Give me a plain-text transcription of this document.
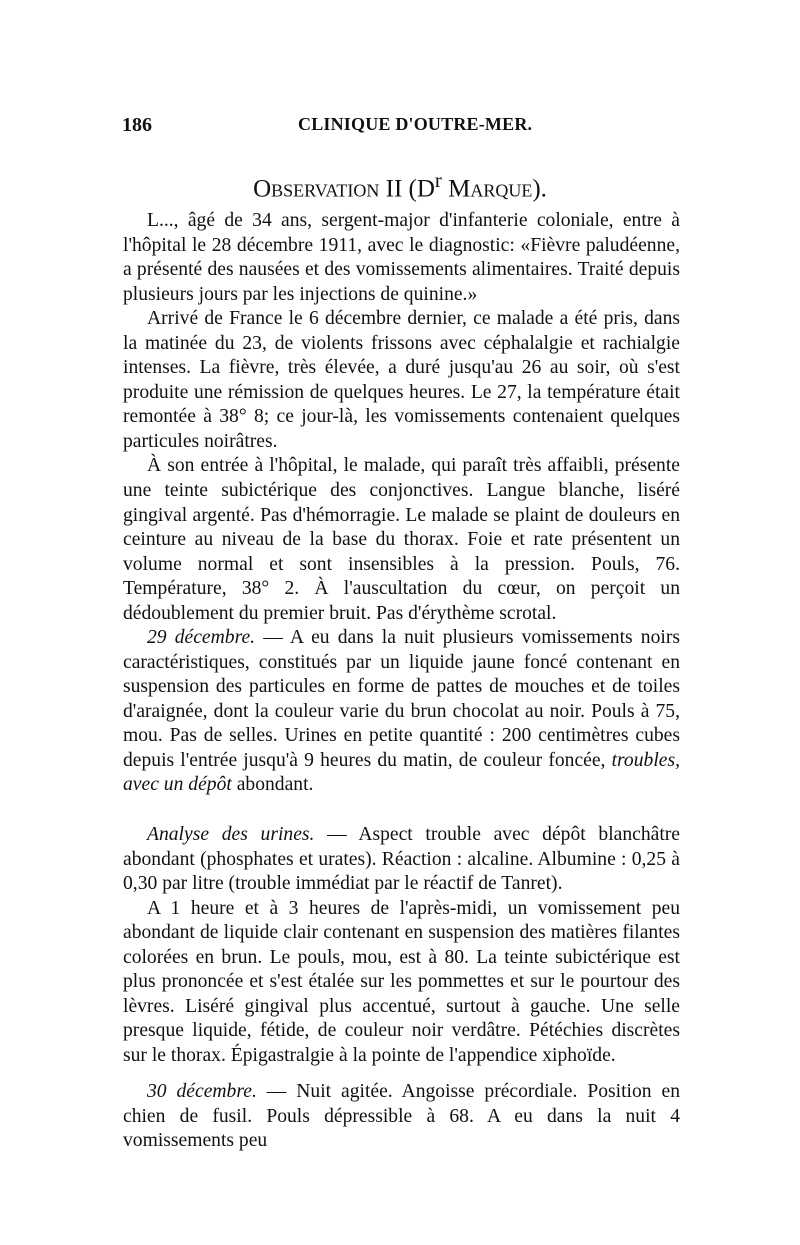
186	CLINIQUE D'OUTRE-MER.
Observation II ($D^r$ Marque).

L..., âgé de 34 ans, sergent-major d'infanterie coloniale, entre à l'hôpital le 28 décembre 1911, avec le diagnostic: «Fièvre paludéenne, a présenté des nausées et des vomissements alimentaires. Traité depuis plusieurs jours par les injections de quinine.»

Arrivé de France le 6 décembre dernier, ce malade a été pris, dans la matinée du 23, de violents frissons avec céphalalgie et rachialgie intenses. La fièvre, très élevée, a duré jusqu'au 26 au soir, où s'est produite une rémission de quelques heures. Le 27, la température était remontée à 38° 8; ce jour-là, les vomissements contenaient quelques particules noirâtres.

À son entrée à l'hôpital, le malade, qui paraît très affaibli, présente une teinte subictérique des conjonctives. Langue blanche, liséré gingival argenté. Pas d'hémorragie. Le malade se plaint de douleurs en ceinture au niveau de la base du thorax. Foie et rate présentent un volume normal et sont insensibles à la pression. Pouls, 76. Température, 38° 2. À l'auscultation du cœur, on perçoit un dédoublement du premier bruit. Pas d'érythème scrotal.

29 décembre. — A eu dans la nuit plusieurs vomissements noirs caractéristiques, constitués par un liquide jaune foncé contenant en suspension des particules en forme de pattes de mouches et de toiles d'araignée, dont la couleur varie du brun chocolat au noir. Pouls à 75, mou. Pas de selles. Urines en petite quantité : 200 centimètres cubes depuis l'entrée jusqu'à 9 heures du matin, de couleur foncée, troubles, avec un dépôt abondant.

Analyse des urines. — Aspect trouble avec dépôt blanchâtre abondant (phosphates et urates). Réaction : alcaline. Albumine : 0,25 à 0,30 par litre (trouble immédiat par le réactif de Tanret).

A 1 heure et à 3 heures de l'après-midi, un vomissement peu abondant de liquide clair contenant en suspension des matières filantes colorées en brun. Le pouls, mou, est à 80. La teinte subictérique est plus prononcée et s'est étalée sur les pommettes et sur le pourtour des lèvres. Liséré gingival plus accentué, surtout à gauche. Une selle presque liquide, fétide, de couleur noir verdâtre. Pétéchies discrètes sur le thorax. Épigastralgie à la pointe de l'appendice xiphoïde.

30 décembre. — Nuit agitée. Angoisse précordiale. Position en chien de fusil. Pouls dépressible à 68. A eu dans la nuit 4 vomissements peu
